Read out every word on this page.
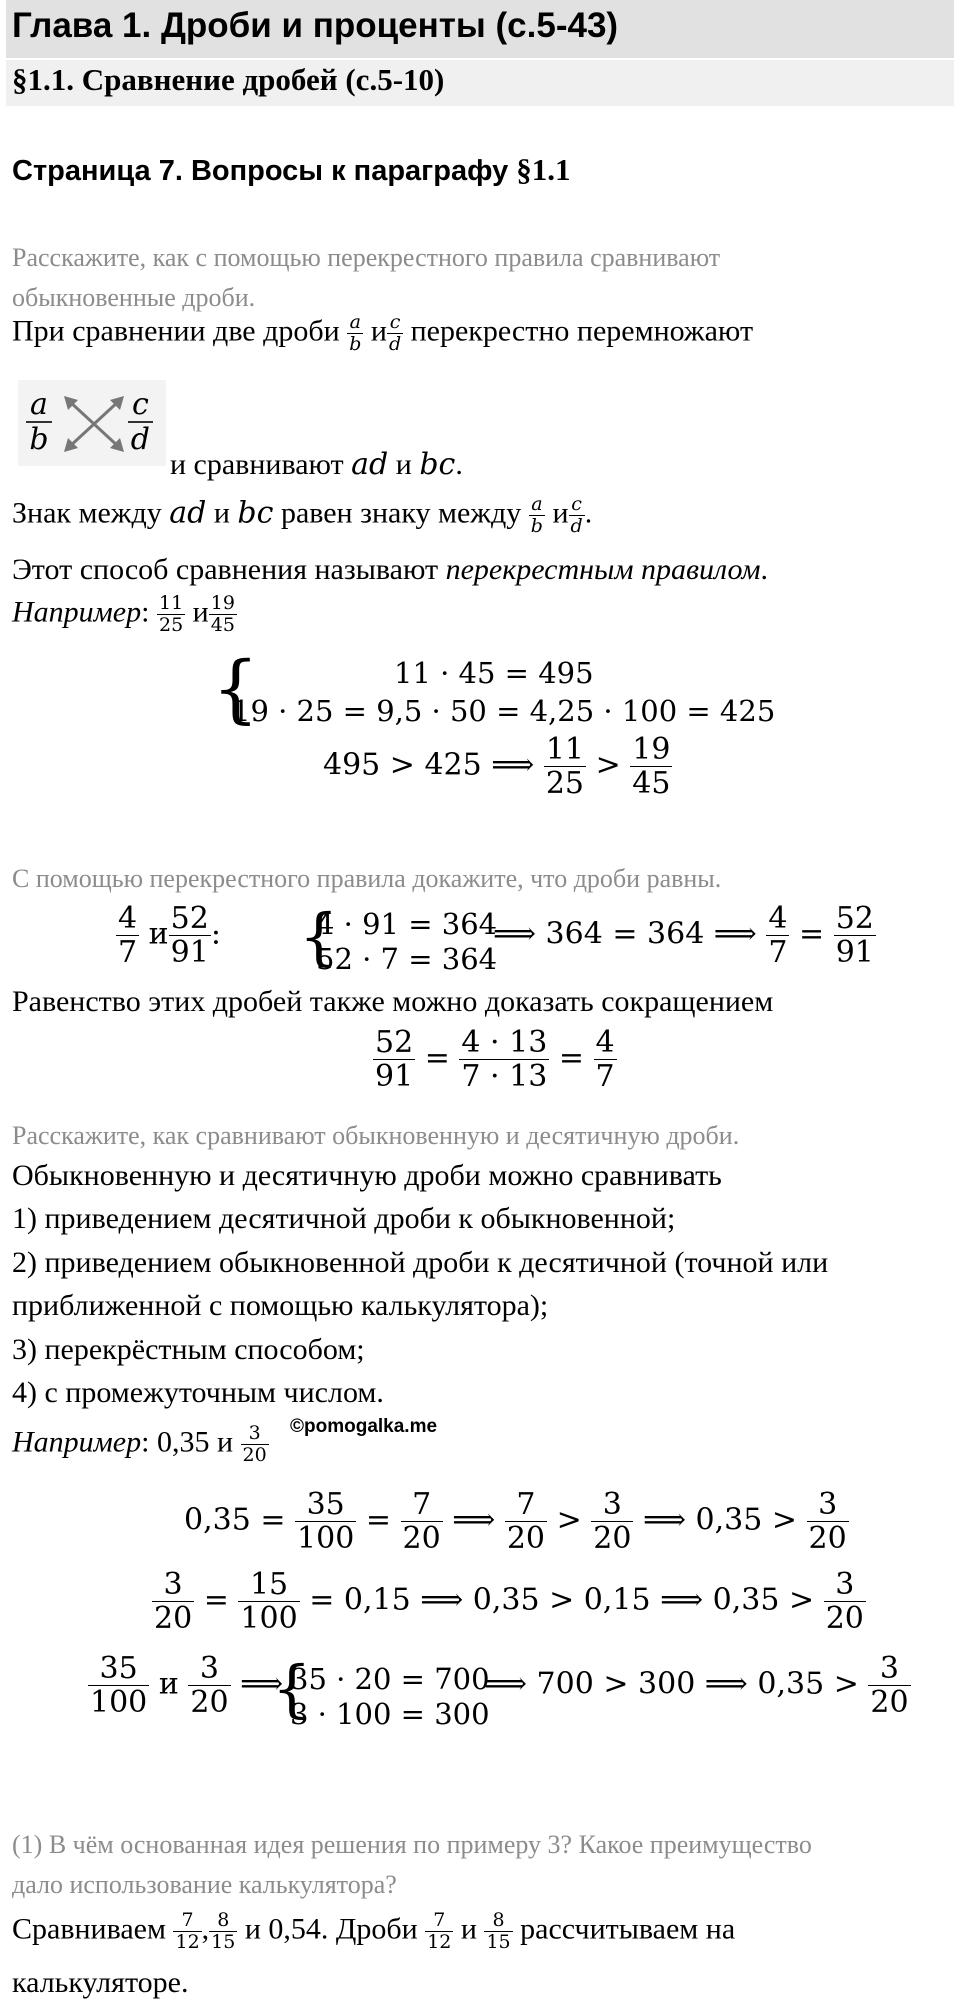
Глава 1. Дроби и проценты (с.5-43)
§1.1. Сравнение дробей (с.5-10)
Страница 7. Вопросы к параграфу §1.1
Расскажите, как с помощью перекрестного правила сравнивают
обыкновенные дроби.
При сравнении две дроби $\frac{a}{b}$ и $\frac{c}{d}$ перекрестно перемножают
$\frac{a}{b}$	$\frac{c}{d}$
и сравнивают ad и bc.
Знак между ad и bc равен знаку между $\frac{a}{b}$ и $\frac{c}{d}$ .
Этот способ сравнения называют перекрестным правилом.
Например: $\frac{11}{25}$ и $\frac{19}{45}$
{	11 · 45 = 495
19 · 25 = 9,5 · 50 = 4,25 · 100 = 425
495 > 425 ⟹ $\frac{11}{25} > \frac{19}{45}$
С помощью перекрестного правила докажите, что дроби равны.
$\frac{4}{7}$ и $\frac{52}{91}$ : {
4 · 91 = 364
52 · 7 = 364
⟹ 364 = 364 ⟹ $\frac{4}{7} = \frac{52}{91}$
Равенство этих дробей также можно доказать сокращением
$\frac{52}{91} = \frac{4 \cdot 13}{7 \cdot 13} = \frac{4}{7}$
Расскажите, как сравнивают обыкновенную и десятичную дроби.
Обыкновенную и десятичную дроби можно сравнивать
1) приведением десятичной дроби к обыкновенной;
2) приведением обыкновенной дроби к десятичной (точной или
приближенной с помощью калькулятора);
3) перекрёстным способом;
4) с промежуточным числом.
©pomogalka.me
Например: 0,35 и $\frac{3}{20}$
$0,35 = \frac{35}{100} = \frac{7}{20}$ ⟹ $\frac{7}{20} > \frac{3}{20}$ ⟹ $0,35 > \frac{3}{20}$
$\frac{3}{20} = \frac{15}{100} = 0,15$ ⟹ 0,35 > 0,15 ⟹ $0,35 > \frac{3}{20}$
$\frac{35}{100}$ и $\frac{3}{20}$ ⟹
{
35 · 20 = 700
3 · 100 = 300
⟹ 700 > 300 ⟹ $0,35 > \frac{3}{20}$
(1) В чём основанная идея решения по примеру 3? Какое преимущество
дало использование калькулятора?
Сравниваем $\frac{7}{12}$ , $\frac{8}{15}$ и 0,54. Дроби $\frac{7}{12}$ и $\frac{8}{15}$ рассчитываем на
калькуляторе.
